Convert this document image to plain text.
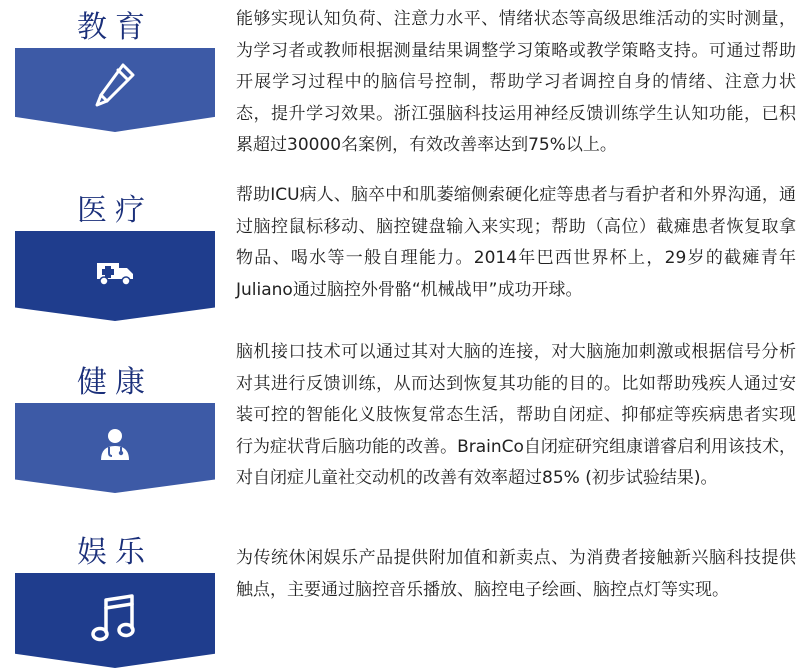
教育	能够实现认知负荷、注意力水平、情绪状态等高级思维活动的实时测量，为学习者或教师根据测量结果调整学习策略或教学策略支持。可通过帮助开展学习过程中的脑信号控制，帮助学习者调控自身的情绪、注意力状态，提升学习效果。浙江强脑科技运用神经反馈训练学生认知功能，已积累超过30000名案例，有效改善率达到75%以上。

医疗	帮助ICU病人、脑卒中和肌萎缩侧索硬化症等患者与看护者和外界沟通，通过脑控鼠标移动、脑控键盘输入来实现；帮助（高位）截瘫患者恢复取拿物品、喝水等一般自理能力。2014年巴西世界杯上，29岁的截瘫青年Juliano通过脑控外骨骼“机械战甲”成功开球。

健康

脑机接口技术可以通过其对大脑的连接，对大脑施加刺激或根据信号分析对其进行反馈训练，从而达到恢复其功能的目的。比如帮助残疾人通过安装可控的智能化义肢恢复常态生活，帮助自闭症、抑郁症等疾病患者实现行为症状背后脑功能的改善。BrainCo自闭症研究组康谱睿启利用该技术，对自闭症儿童社交动机的改善有效率超过85% (初步试验结果)。

娱乐	为传统休闲娱乐产品提供附加值和新卖点、为消费者接触新兴脑科技提供触点，主要通过脑控音乐播放、脑控电子绘画、脑控点灯等实现。
